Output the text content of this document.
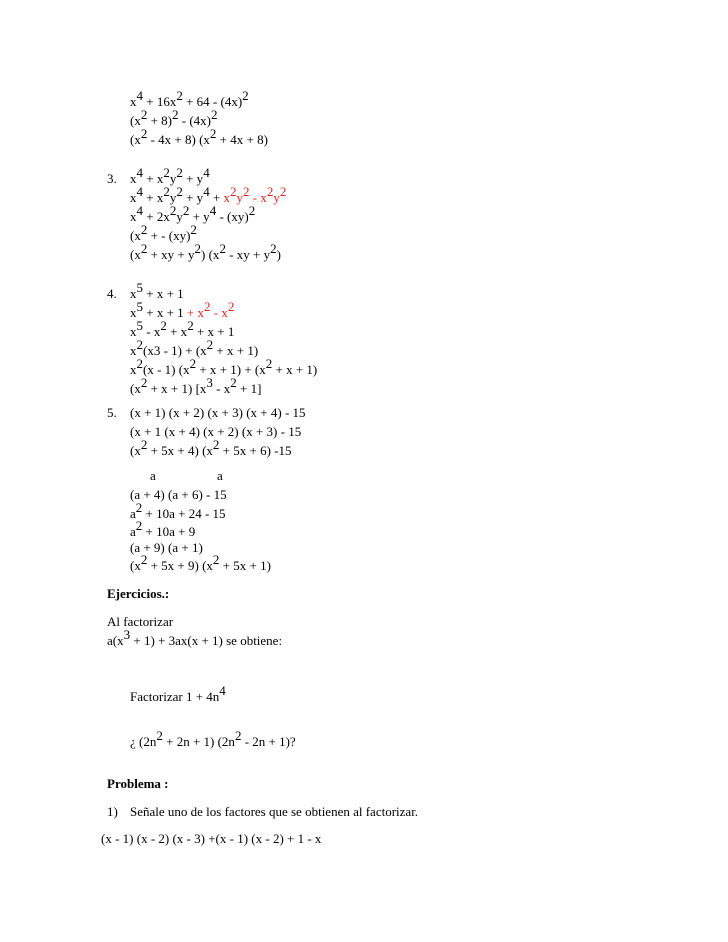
$x^4 + 16x^2 + 64 - (4x)^2$
$(x^2 + 8)^2 - (4x)^2$
$(x^2 - 4x + 8) (x^2 + 4x + 8)$
3. $x^4 + x^2y^2 + y^4$
$x^4 + x^2y^2 + y^4 + x^2y^2 - x^2y^2$
$x^4 + 2x^2y^2 + y^4 - (xy)^2$
($x^2$ + - (xy)$^2$
($x^2$ + xy + $y^2$) ($x^2$ - xy + $y^2$)
4. $x^5 + x + 1$
$x^5 + x + 1 + x^2 - x^2$
$x^5 - x^2 + x^2 + x + 1$
$x^2(x3 - 1) + (x^2 + x + 1)$
$x^2(x - 1) (x^2 + x + 1) + (x^2 + x + 1)$
$(x^2 + x + 1)$ $[x^3 - x^2 + 1]$
5. (x + 1) (x + 2) (x + 3) (x + 4) - 15
(x + 1 (x + 4) (x + 2) (x + 3) - 15
$(x^2 + 5x + 4) (x^2 + 5x + 6)$ -15
a	a
(a + 4) (a + 6) - 15
$a^2 + 10a + 24 - 15$
$a^2 + 10a + 9$
(a + 9) (a + 1)
$(x^2 + 5x + 9) (x^2 + 5x + 1)$
Ejercicios.:
Al factorizar
$a(x^3 + 1) + 3ax(x + 1)$ se obtiene:
Factorizar $1 + 4n^4$
¿ $(2n^2 + 2n + 1)$ $(2n^2 - 2n + 1)$?
Problema :
1) Señale uno de los factores que se obtienen al factorizar.
(x - 1) (x - 2) (x - 3) +(x - 1) (x - 2) + 1 - x
